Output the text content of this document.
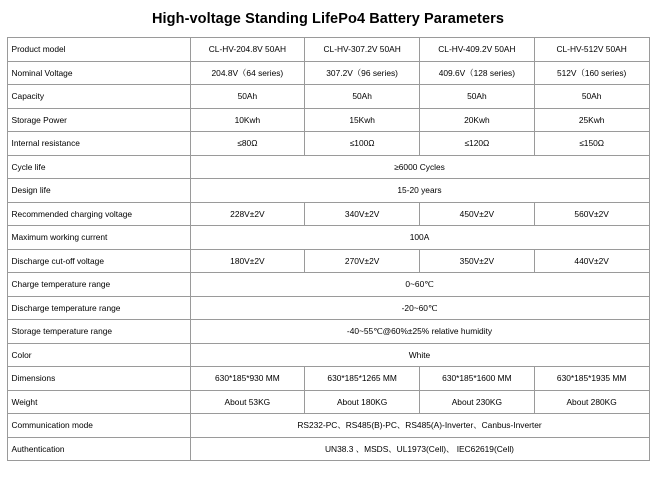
High-voltage Standing LifePo4 Battery Parameters
Product model	CL-HV-204.8V 50AH	CL-HV-307.2V 50AH	CL-HV-409.2V 50AH	CL-HV-512V 50AH
Nominal Voltage	204.8V（64 series)	307.2V（96 series)	409.6V（128 series)	512V（160 series)
Capacity	50Ah	50Ah	50Ah	50Ah
Storage Power	10Kwh	15Kwh	20Kwh	25Kwh
Internal resistance	≤80Ω	≤100Ω	≤120Ω	≤150Ω
Cycle life	≥6000 Cycles			
Design life	15-20 years			
Recommended charging voltage	228V±2V	340V±2V	450V±2V	560V±2V
Maximum working current	100A			
Discharge cut-off voltage	180V±2V	270V±2V	350V±2V	440V±2V
Charge temperature range	0~60℃			
Discharge temperature range	-20~60℃			
Storage temperature range	-40~55℃@60%±25% relative humidity			
Color	White			
Dimensions	630*185*930 MM	630*185*1265 MM	630*185*1600 MM	630*185*1935 MM
Weight	About 53KG	About 180KG	About 230KG	About 280KG
Communication mode	RS232-PC、RS485(B)-PC、RS485(A)-Inverter、Canbus-Inverter			
Authentication	UN38.3 、MSDS、UL1973(Cell)、 IEC62619(Cell)			
